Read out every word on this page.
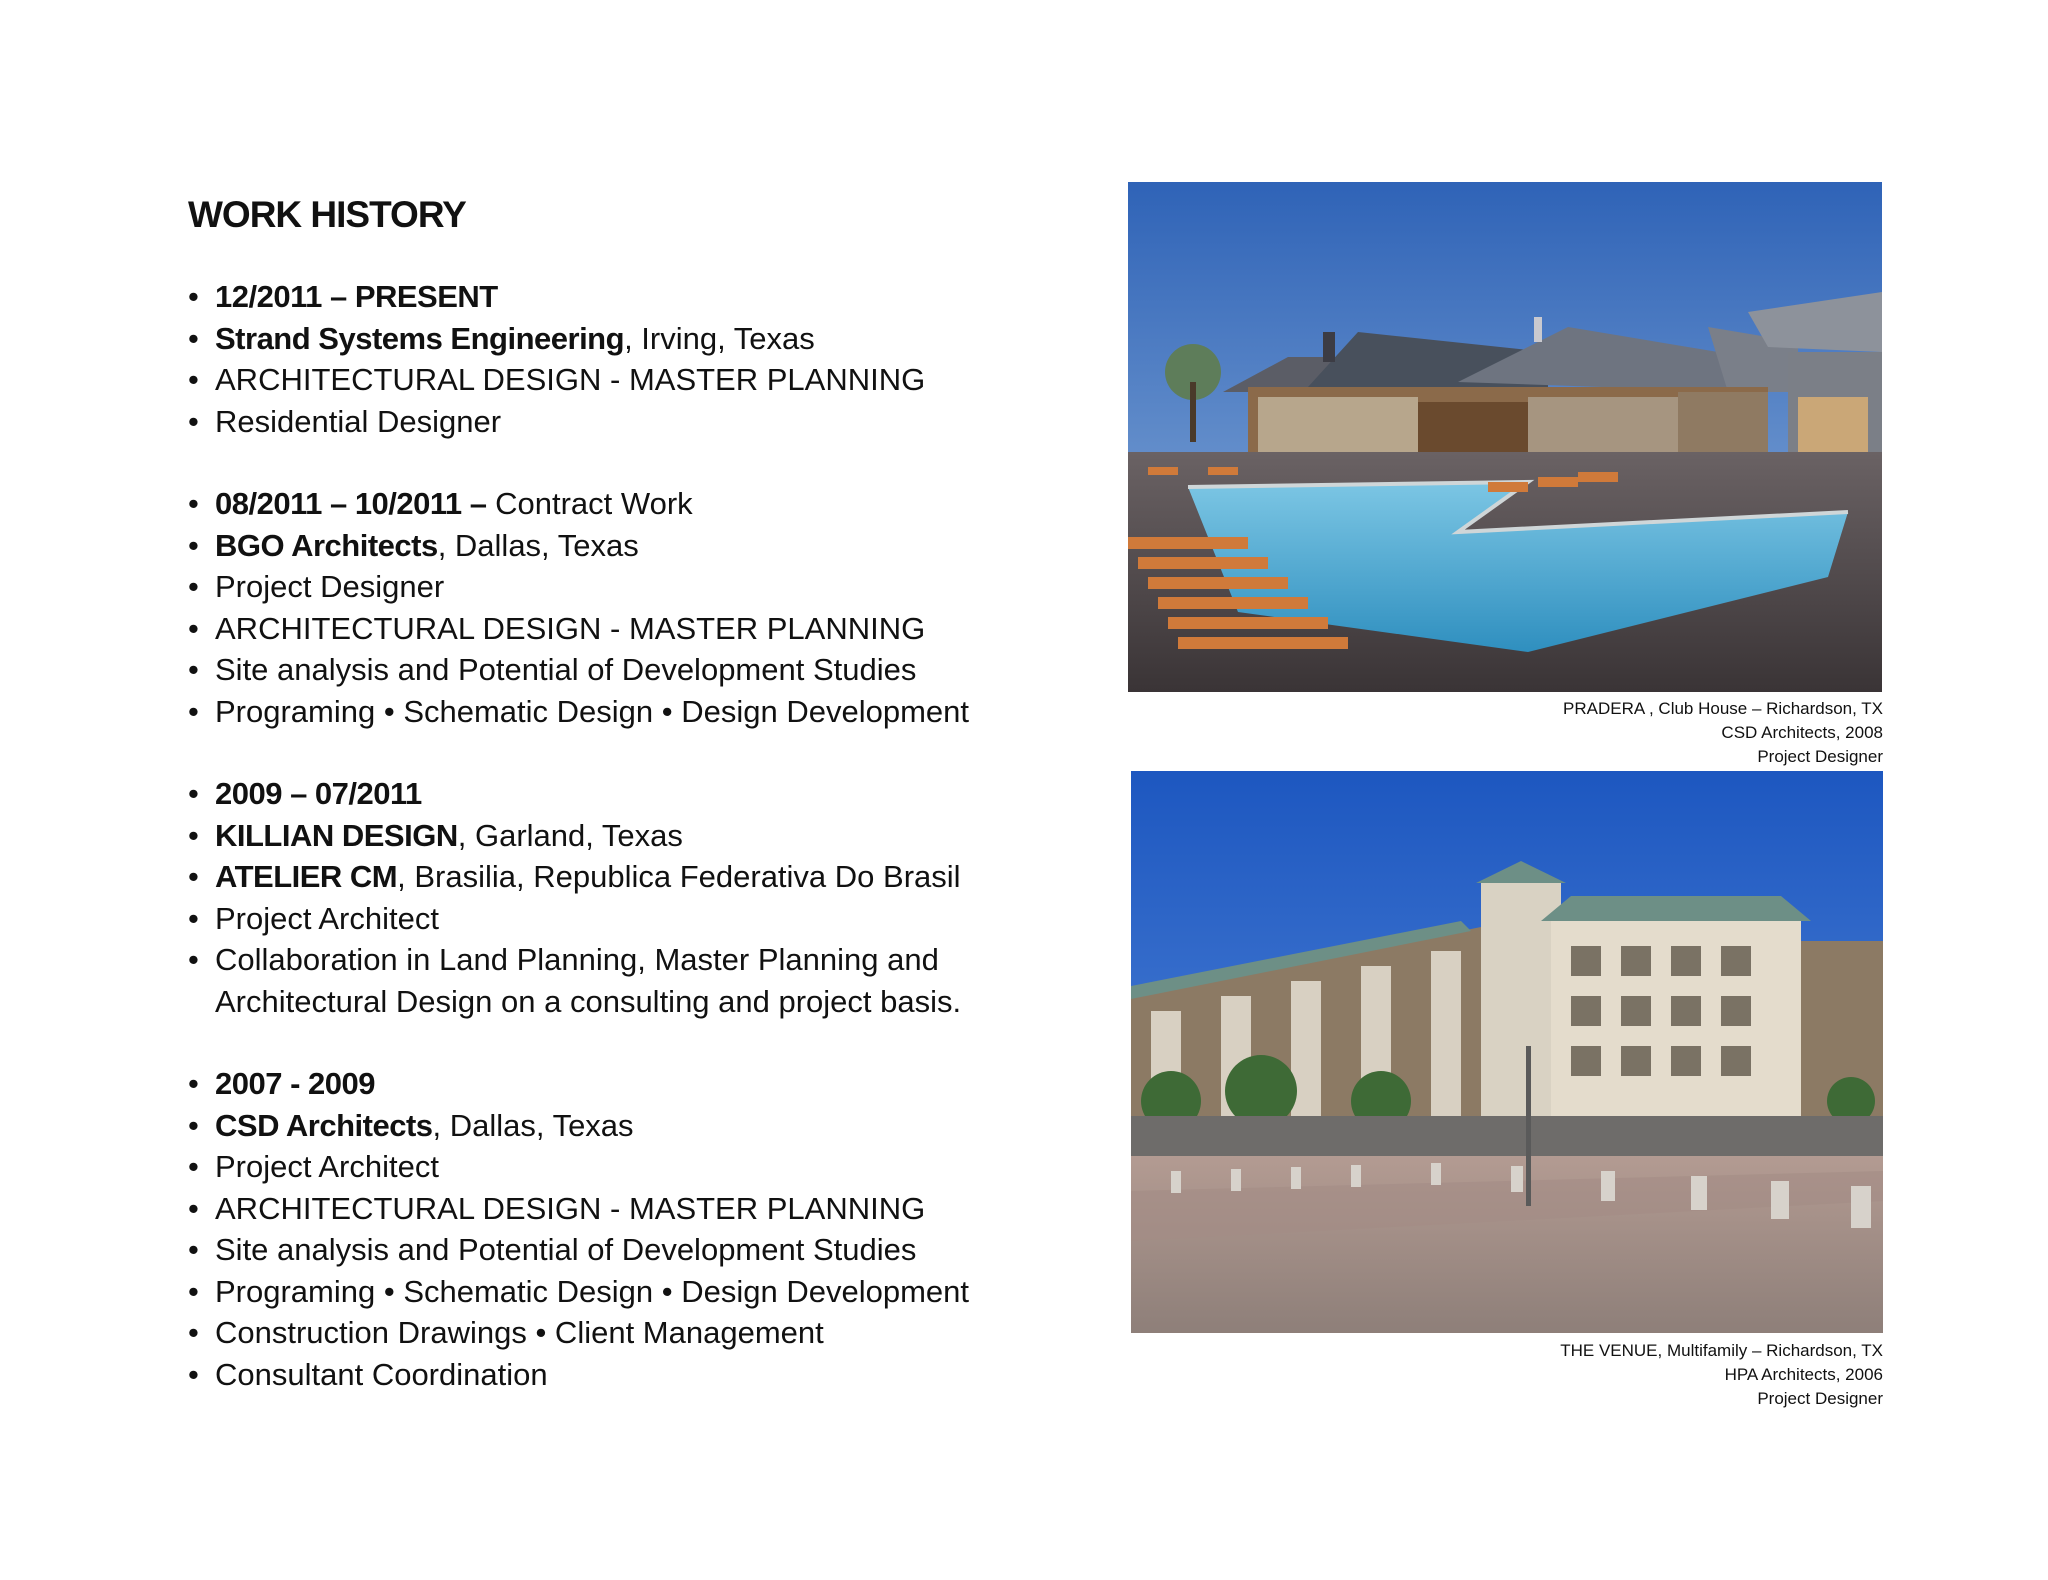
WORK HISTORY
• 12/2011 – PRESENT
• Strand Systems Engineering, Irving, Texas
• ARCHITECTURAL DESIGN - MASTER PLANNING
• Residential Designer
• 08/2011 – 10/2011 – Contract Work
• BGO Architects, Dallas, Texas
• Project Designer
• ARCHITECTURAL DESIGN - MASTER PLANNING
• Site analysis and Potential of Development Studies
• Programing • Schematic Design • Design Development
• 2009 – 07/2011
• KILLIAN DESIGN, Garland, Texas
• ATELIER CM, Brasilia, Republica Federativa Do Brasil
• Project Architect
• Collaboration in Land Planning, Master Planning and Architectural Design on a consulting and project basis.
• 2007 - 2009
• CSD Architects, Dallas, Texas
• Project Architect
• ARCHITECTURAL DESIGN - MASTER PLANNING
• Site analysis and Potential of Development Studies
• Programing • Schematic Design • Design Development
• Construction Drawings • Client Management
• Consultant Coordination
PRADERA , Club House – Richardson, TX
CSD Architects, 2008
Project Designer
THE VENUE, Multifamily – Richardson, TX
HPA Architects, 2006
Project Designer
